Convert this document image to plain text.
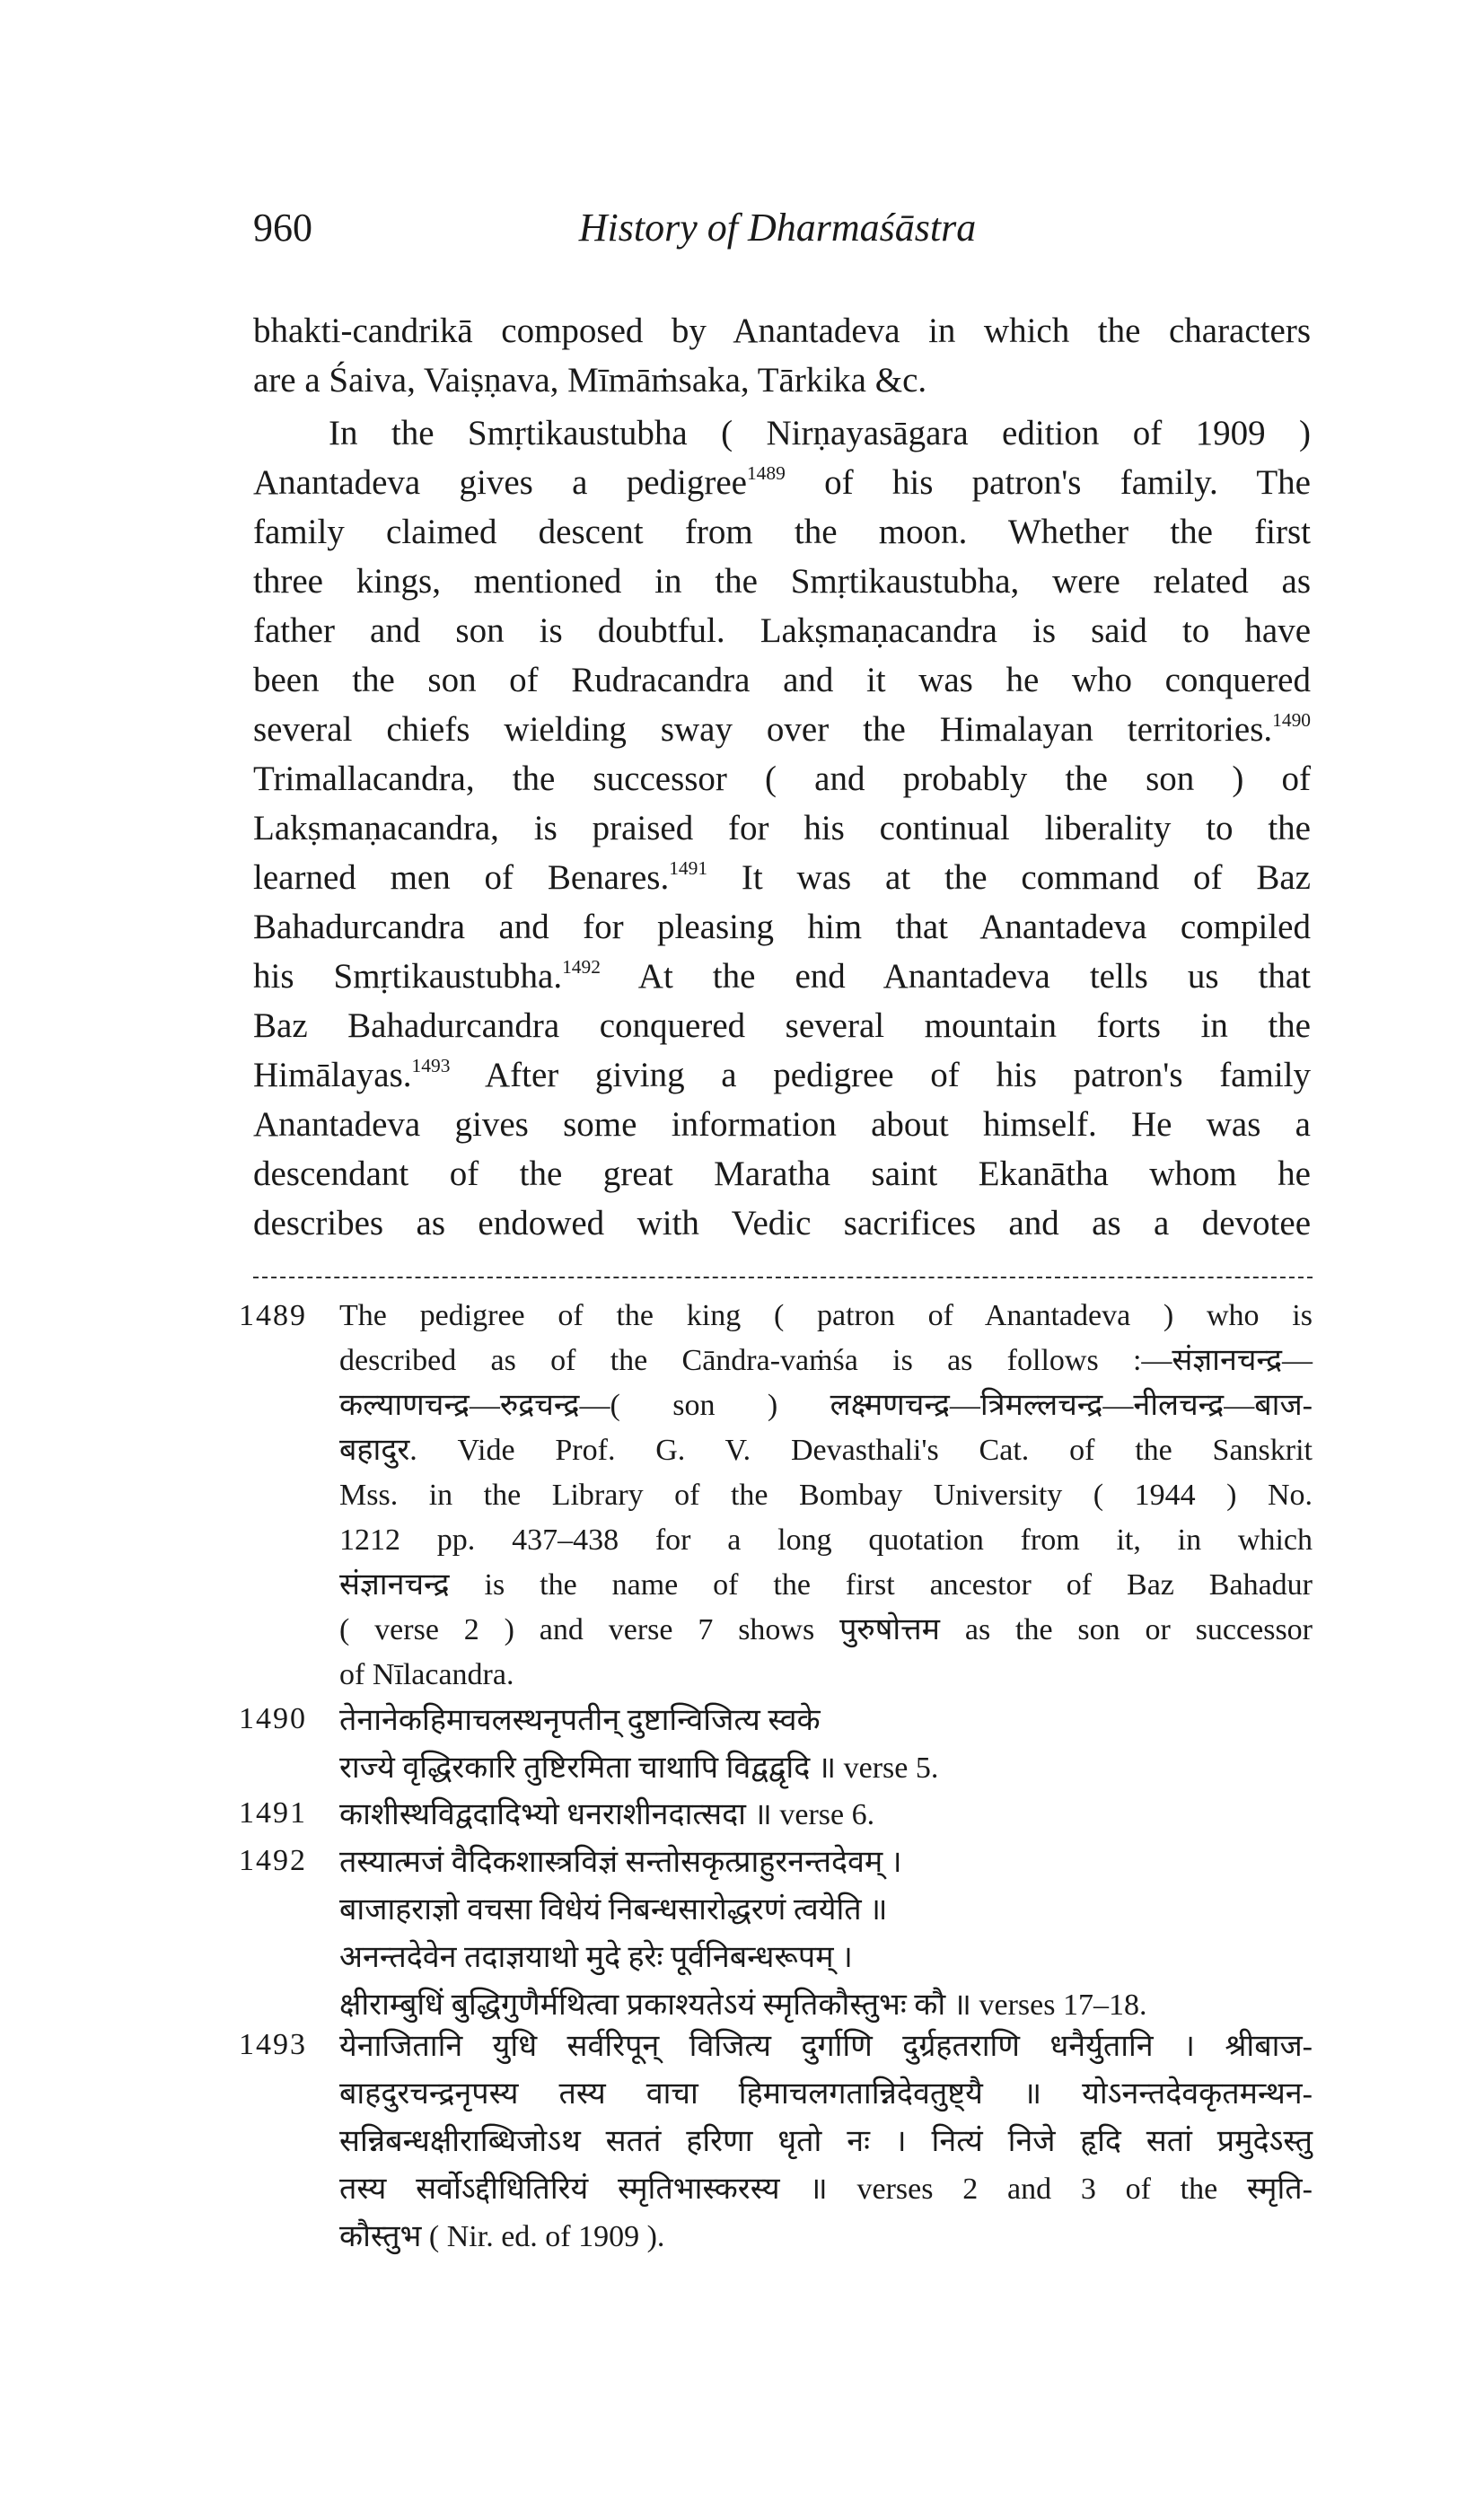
960	History of Dharmaśāstra
bhakti-candrikā composed by Anantadeva in which the characters
are a Śaiva, Vaiṣṇava, Mīmāṁsaka, Tārkika &c.
In the Smṛtikaustubha ( Nirṇayasāgara edition of 1909 )
Anantadeva gives a pedigree$^{1489}$ of his patron's family. The
family claimed descent from the moon. Whether the first
three kings, mentioned in the Smṛtikaustubha, were related as
father and son is doubtful. Lakṣmaṇacandra is said to have
been the son of Rudracandra and it was he who conquered
several chiefs wielding sway over the Himalayan territories.$^{1490}$
Trimallacandra, the successor ( and probably the son ) of
Lakṣmaṇacandra, is praised for his continual liberality to the
learned men of Benares.$^{1491}$ It was at the command of Baz
Bahadurcandra and for pleasing him that Anantadeva compiled
his Smṛtikaustubha.$^{1492}$ At the end Anantadeva tells us that
Baz Bahadurcandra conquered several mountain forts in the
Himālayas.$^{1493}$ After giving a pedigree of his patron's family
Anantadeva gives some information about himself. He was a
descendant of the great Maratha saint Ekanātha whom he
describes as endowed with Vedic sacrifices and as a devotee
1489	The pedigree of the king ( patron of Anantadeva ) who is
described as of the Cāndra-vaṁśa is as follows :—संज्ञानचन्द्र—
कल्याणचन्द्र—रुद्रचन्द्र—( son ) लक्ष्मणचन्द्र—त्रिमल्लचन्द्र—नीलचन्द्र—बाज-
बहादुर. Vide Prof. G. V. Devasthali's Cat. of the Sanskrit
Mss. in the Library of the Bombay University ( 1944 ) No.
1212 pp. 437–438 for a long quotation from it, in which
संज्ञानचन्द्र is the name of the first ancestor of Baz Bahadur
( verse 2 ) and verse 7 shows पुरुषोत्तम as the son or successor
of Nīlacandra.
1490	तेनानेकहिमाचलस्थनृपतीन् दुष्टान्विजित्य स्वके
राज्ये वृद्धिरकारि तुष्टिरमिता चाथापि विद्वद्वृदि ॥ verse 5.
1491	काशीस्थविद्वदादिभ्यो धनराशीनदात्सदा ॥ verse 6.
1492	तस्यात्मजं वैदिकशास्त्रविज्ञं सन्तोसकृत्प्राहुरनन्तदेवम् ।
बाजाहराज्ञो वचसा विधेयं निबन्धसारोद्धरणं त्वयेति ॥
अनन्तदेवेन तदाज्ञयाथो मुदे हरेः पूर्वनिबन्धरूपम् ।
क्षीराम्बुधिं बुद्धिगुणैर्मथित्वा प्रकाश्यतेऽयं स्मृतिकौस्तुभः कौ ॥ verses 17–18.
1493	येनाजितानि युधि सर्वरिपून् विजित्य दुर्गाणि दुर्ग्रहतराणि धनैर्युतानि । श्रीबाज-
बाहदुरचन्द्रनृपस्य तस्य वाचा हिमाचलगतान्निदेवतुष्ट्यै ॥ योऽनन्तदेवकृतमन्थन-
सन्निबन्धक्षीराब्धिजोऽथ सततं हरिणा धृतो नः । नित्यं निजे हृदि सतां प्रमुदेऽस्तु
तस्य सर्वोऽद्दीधितिरियं स्मृतिभास्करस्य ॥ verses 2 and 3 of the स्मृति-
कौस्तुभ ( Nir. ed. of 1909 ).
